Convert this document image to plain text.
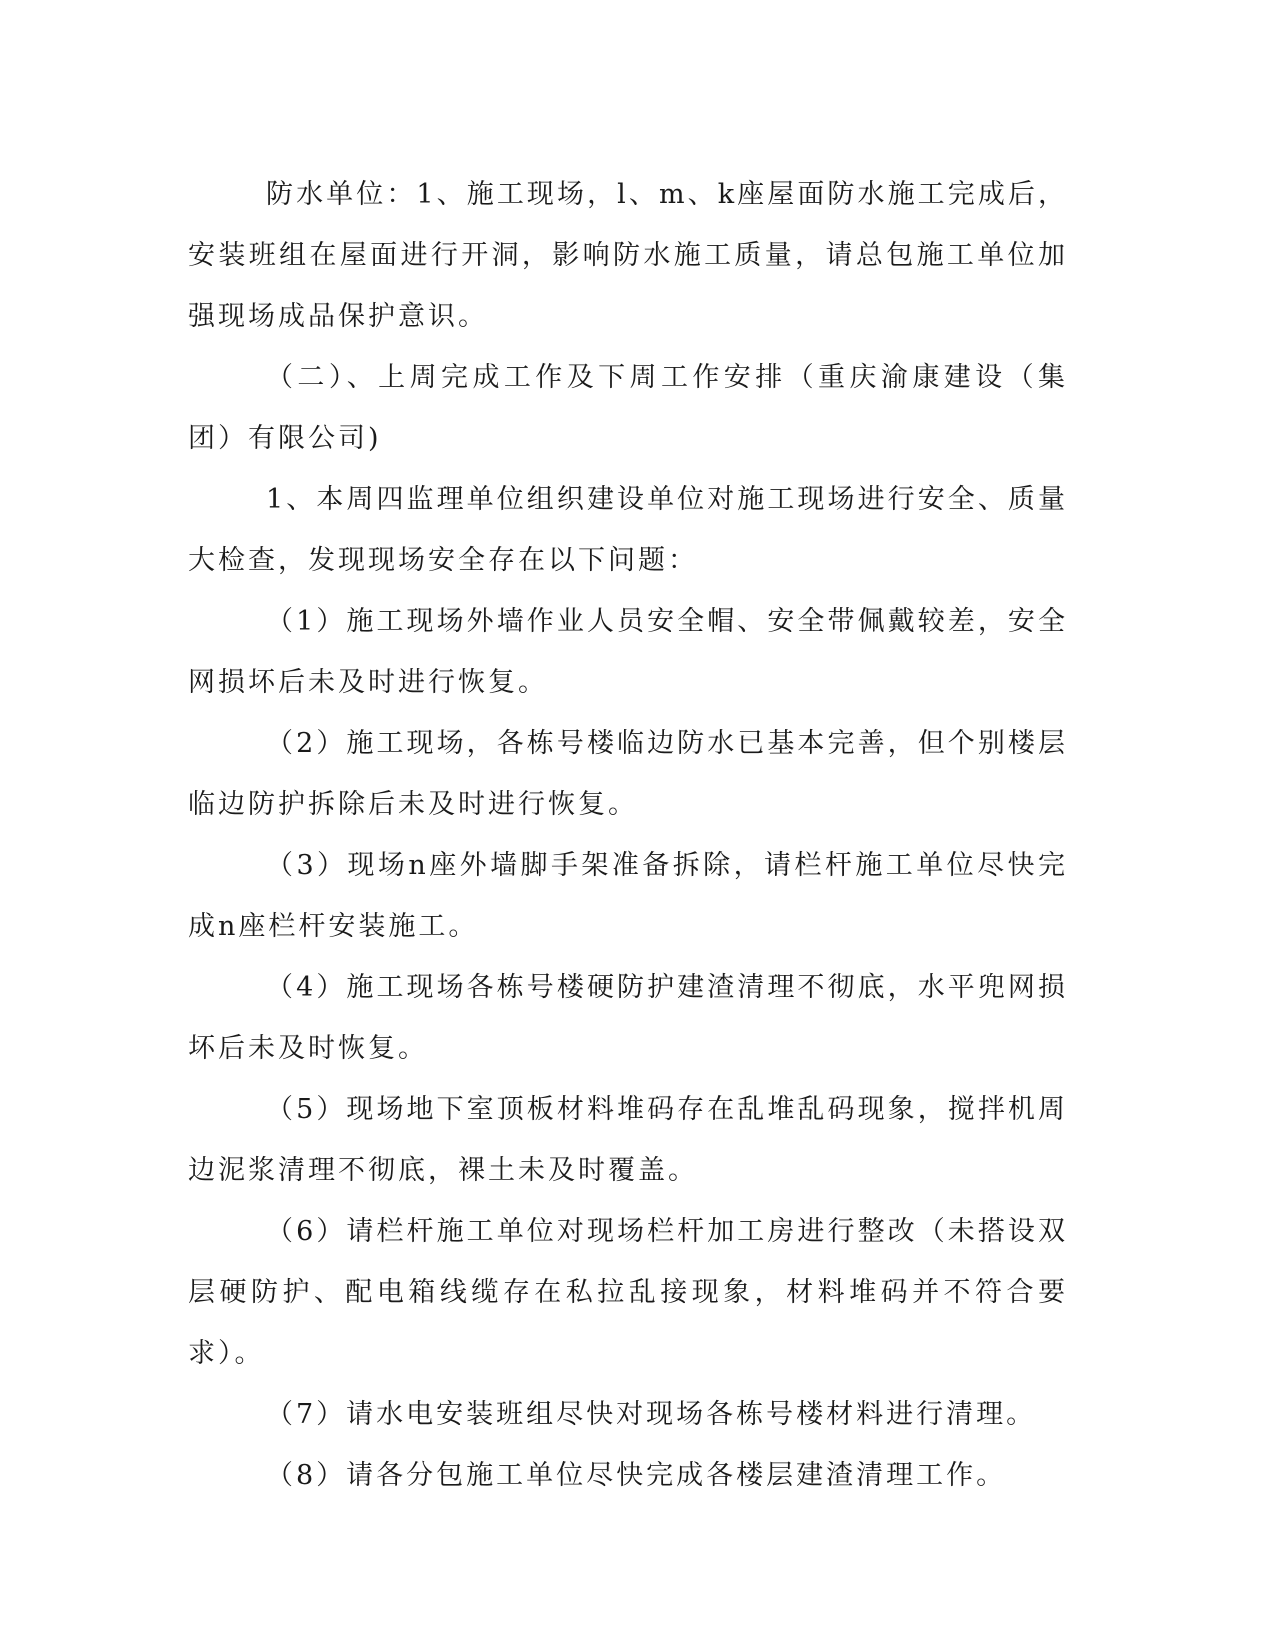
防水单位：1、施工现场，l、m、k座屋面防水施工完成后，安装班组在屋面进行开洞，影响防水施工质量，请总包施工单位加强现场成品保护意识。

（二）、上周完成工作及下周工作安排（重庆渝康建设（集团）有限公司)

1、本周四监理单位组织建设单位对施工现场进行安全、质量大检查，发现现场安全存在以下问题：

（1）施工现场外墙作业人员安全帽、安全带佩戴较差，安全网损坏后未及时进行恢复。

（2）施工现场，各栋号楼临边防水已基本完善，但个别楼层临边防护拆除后未及时进行恢复。

（3）现场n座外墙脚手架准备拆除，请栏杆施工单位尽快完成n座栏杆安装施工。

（4）施工现场各栋号楼硬防护建渣清理不彻底，水平兜网损坏后未及时恢复。

（5）现场地下室顶板材料堆码存在乱堆乱码现象，搅拌机周边泥浆清理不彻底，裸土未及时覆盖。

（6）请栏杆施工单位对现场栏杆加工房进行整改（未搭设双层硬防护、配电箱线缆存在私拉乱接现象，材料堆码并不符合要求）。

（7）请水电安装班组尽快对现场各栋号楼材料进行清理。

（8）请各分包施工单位尽快完成各楼层建渣清理工作。
